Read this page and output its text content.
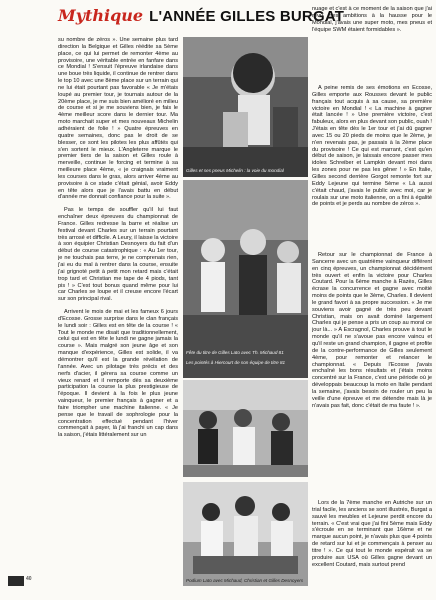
Mythique L'ANNÉE GILLES BURGAT

su nombre de zéros ». Une semaine plus tard direction la Belgique et Gilles réédite sa 5ème place, ce qui lui permet de remonter 4ème au provisoire, une véritable entrée en fanfare dans ce Mondial ! S'ensuit l'épreuve irlandaise dans une boue très liquide, il continue de rentrer dans le top 10 avec une 8ème place sur un terrain qui ne lui était pourtant pas favorable « Je m'étais loupé au premier tour, je tournais autour de la 20ème place, je me suis bien amélioré en milieu de course et si je me souviens bien, je fais le 4ème meilleur score dans le dernier tour. Ma moto marchait super et mes nouveaux Michelin adhéraient de folie ! » Quatre épreuves en quatre semaines, donc pas le droit de se blesser, ce sont les pilotes les plus affûtés qui s'en sortent le mieux. L'Angleterre marque le premier tiers de la saison et Gilles roule à merveille, continue le forcing et termine à sa meilleure place 4ème, « je craignais vraiment les courses dans le gras, alors arriver 4ème au provisoire à ce stade c'était génial, avoir Eddy en tête alors que je l'avais battu en début d'année me donnait confiance pour la suite ».

Pas le temps de souffler qu'il lui faut enchaîner deux épreuves du championnat de France. Gilles redresse la barre et réalise un festival devant Charles sur un terrain pourtant très arrosé et difficile. A Leury, il laisse la victoire à son équipier Christian Desnoyers du fait d'un début de course catastrophique : « Au 1er tour, je ne touchais pas terre, je ne comprenais rien, j'ai eu du mal à rentrer dans la course, ensuite j'ai grignoté petit à petit mon retard mais c'était trop tard et Christian me tape de 4 piods, tant pis ! » C'est tout bonus quand même pour lui car Charles se loupe et il creuse encore l'écart sur son principal rival.

Arrivent le mois de mai et les fameux 6 jours d'Ecosse. Grosse surprise dans le clan français le lundi soir : Gilles est en tête de la course ! « Tout le monde me disait que traditionnellement, celui qui est en tête le lundi ne gagne jamais la course ». Mais malgré son jeune âge et son manque d'expérience, Gilles est solide, il va démontrer qu'il est la grande révélation de l'année. Avec un pilotage très précis et des nerfs d'acier, il gérera sa course comme un vieux renard et il remporte dès sa deuxième participation la course la plus prestigieuse de l'époque. Il devient à la fois le plus jeune vainqueur, le premier français à gagner et a faire triompher une machine italienne. « Je pense que le travail de sophrologie pour la concentration effectué pendant l'hiver commençait à payer, là j'ai franchi un cap dans la saison, j'étais littéralement sur un

nuage et c'est à ce moment de la saison que j'ai revu mes ambitions à la hausse pour le Mondial, j'avais une super moto, mes pneus et l'équipe SWM étaient formidables ».

A peine remis de ses émotions en Ecosse, Gilles emporte aux Rousses devant le public français tout acquis à sa cause, sa première victoire en Mondial ! « La machine à gagner était lancée ! » Une première victoire, c'est fabuleux, alors en plus devant son public, ouah ! J'étais en tête dès le 1er tour et j'ai dû gagner avec 15 ou 20 pieds de moins que le 2ème, je n'en revenais pas, je passais à la 2ème place du provisoire ! Ce qui est marrant, c'est qu'en début de saison, je laissais encore passer mes idoles Schreiber et Lampkin devant moi dans les zones pour ne pas les gêner ! » En Italie, Gilles second derrière Gorgot remonte fort sur Eddy Lejeune qui termine 5ème « Là aussi c'était chaud, j'avais le public avec moi, car je roulais sur une moto italienne, on a fini à égalité de points et je perds au nombre de zéros ».

Retour sur le championnat de France à Sancerre avec un quatrième vainqueur différent en cinq épreuves, un championnat décidément très ouvert et enfin la victoire pour Charles Coutard. Pour la 6ème manche à Razès, Gilles écrase la concurrence et gagne avec moitié moins de points que le 3ème, Charles. Il devient le grand favori à sa propre succession. « Je me souviens avoir gagné de très peu devant Christian, mais on avait dominé largement Charles qui je pense a pris un coup au moral ce jour là... » A Escragnol, Charles prouve à tout le monde qu'il ne s'avoue pas encore vaincu et qu'il reste un grand champion, il gagne et profite de la contre-performance de Gilles seulement 4ème, pour remonter et relancer le championnat. « Depuis l'Ecosse j'avais enchaîné les bons résultats et j'étais moins concentré sur la France, c'est une période où je développais beaucoup la moto en Italie pendant la semaine, j'avais besoin de rouler un peu la veille d'une épreuve et me détendre mais là je n'avais pas fait, donc c'était de ma faute ! ».

Lors de la 7ème manche en Autriche sur un trial facile, les anciens se sont illustrés, Burgat a sauvé les meubles et Lejeune perdit encore du terrain. « C'est vrai que j'ai fini 5ème mais Eddy s'écroule en se terminant que 16ème et ne marque aucun point, je n'avais plus que 4 points de retard sur lui et je commençais à penser au titre ! ». Ce qui tout le monde espérait va se produire aux USA où Gilles gagne devant un excellent Coutard, mais surtout prend

Gilles et ses pneus Michelin : la voie du mondial
Fête du titre de Gilles Lato avec Th. Michaud 81
Les pointés à Hiercourt de son équipe de titre 81
Podium Lato avec Michaud, Christian et Gilles Desnoyers
40
